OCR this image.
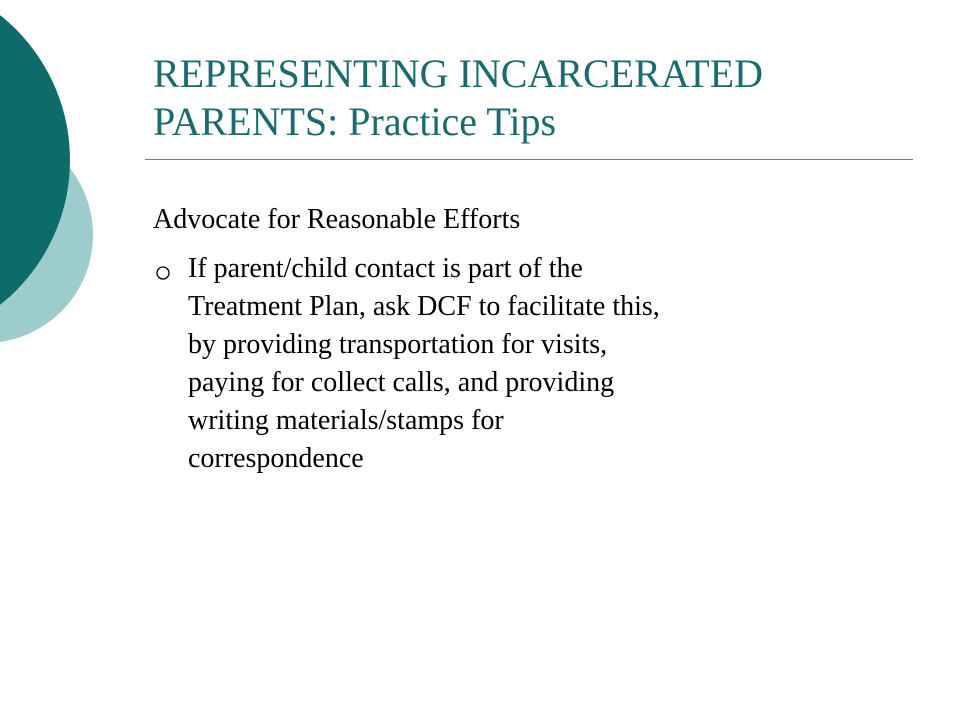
REPRESENTING INCARCERATED
PARENTS: Practice Tips

Advocate for Reasonable Efforts

If parent/child contact is part of the
Treatment Plan, ask DCF to facilitate this,
by providing transportation for visits,
paying for collect calls, and providing
writing materials/stamps for
correspondence
